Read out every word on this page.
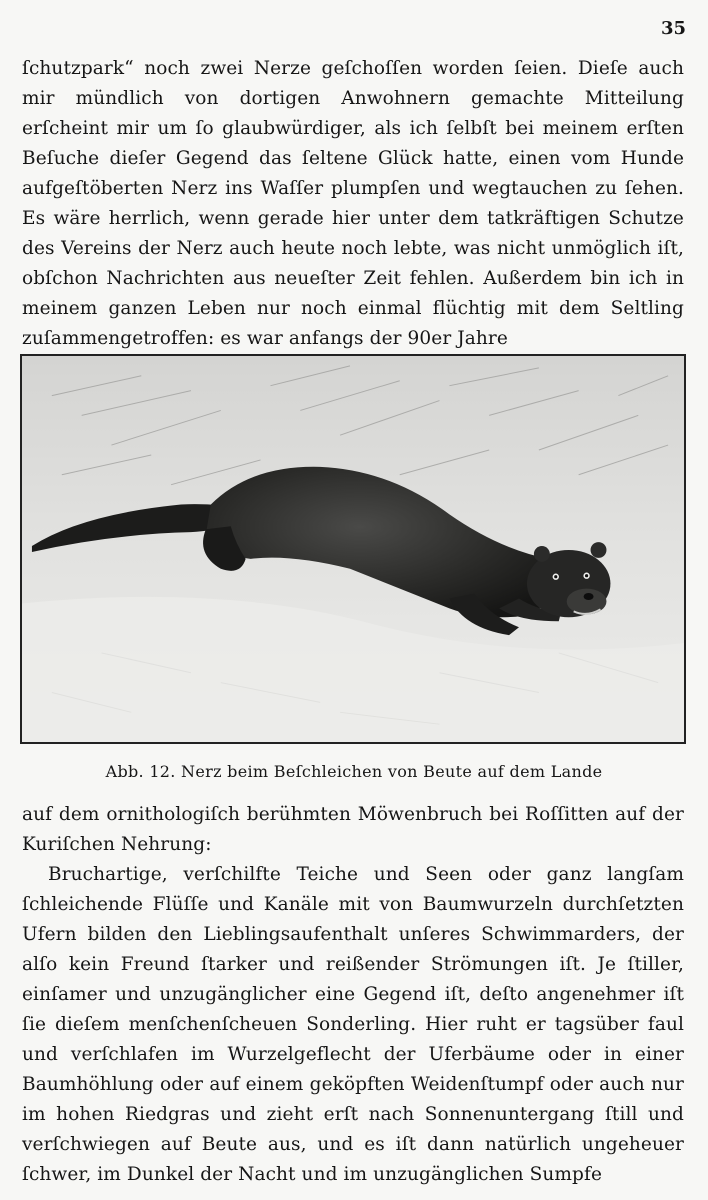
35

ſchutzpark“ noch zwei Nerze geſchoſſen worden ſeien. Dieſe auch mir mündlich von dortigen Anwohnern gemachte Mitteilung erſcheint mir um ſo glaubwürdiger, als ich ſelbſt bei meinem erſten Beſuche dieſer Gegend das ſeltene Glück hatte, einen vom Hunde aufgeſtöberten Nerz ins Waſſer plumpſen und wegtauchen zu ſehen. Es wäre herrlich, wenn gerade hier unter dem tatkräftigen Schutze des Vereins der Nerz auch heute noch lebte, was nicht unmöglich iſt, obſchon Nachrichten aus neueſter Zeit fehlen. Außerdem bin ich in meinem ganzen Leben nur noch einmal flüchtig mit dem Seltling zuſammengetroffen: es war anfangs der 90er Jahre

Abb. 12. Nerz beim Beſchleichen von Beute auf dem Lande

auf dem ornithologiſch berühmten Möwenbruch bei Roſſitten auf der Kuriſchen Nehrung:

Bruchartige, verſchilfte Teiche und Seen oder ganz langſam ſchleichende Flüſſe und Kanäle mit von Baumwurzeln durchſetzten Ufern bilden den Lieblingsaufenthalt unſeres Schwimmarders, der alſo kein Freund ſtarker und reißender Strömungen iſt. Je ſtiller, einſamer und unzugänglicher eine Gegend iſt, deſto angenehmer iſt ſie dieſem menſchenſcheuen Sonderling. Hier ruht er tagsüber faul und verſchlafen im Wurzelgeflecht der Uferbäume oder in einer Baumhöhlung oder auf einem geköpften Weidenſtumpf oder auch nur im hohen Riedgras und zieht erſt nach Sonnenuntergang ſtill und verſchwiegen auf Beute aus, und es iſt dann natürlich ungeheuer ſchwer, im Dunkel der Nacht und im unzugänglichen Sumpfe
